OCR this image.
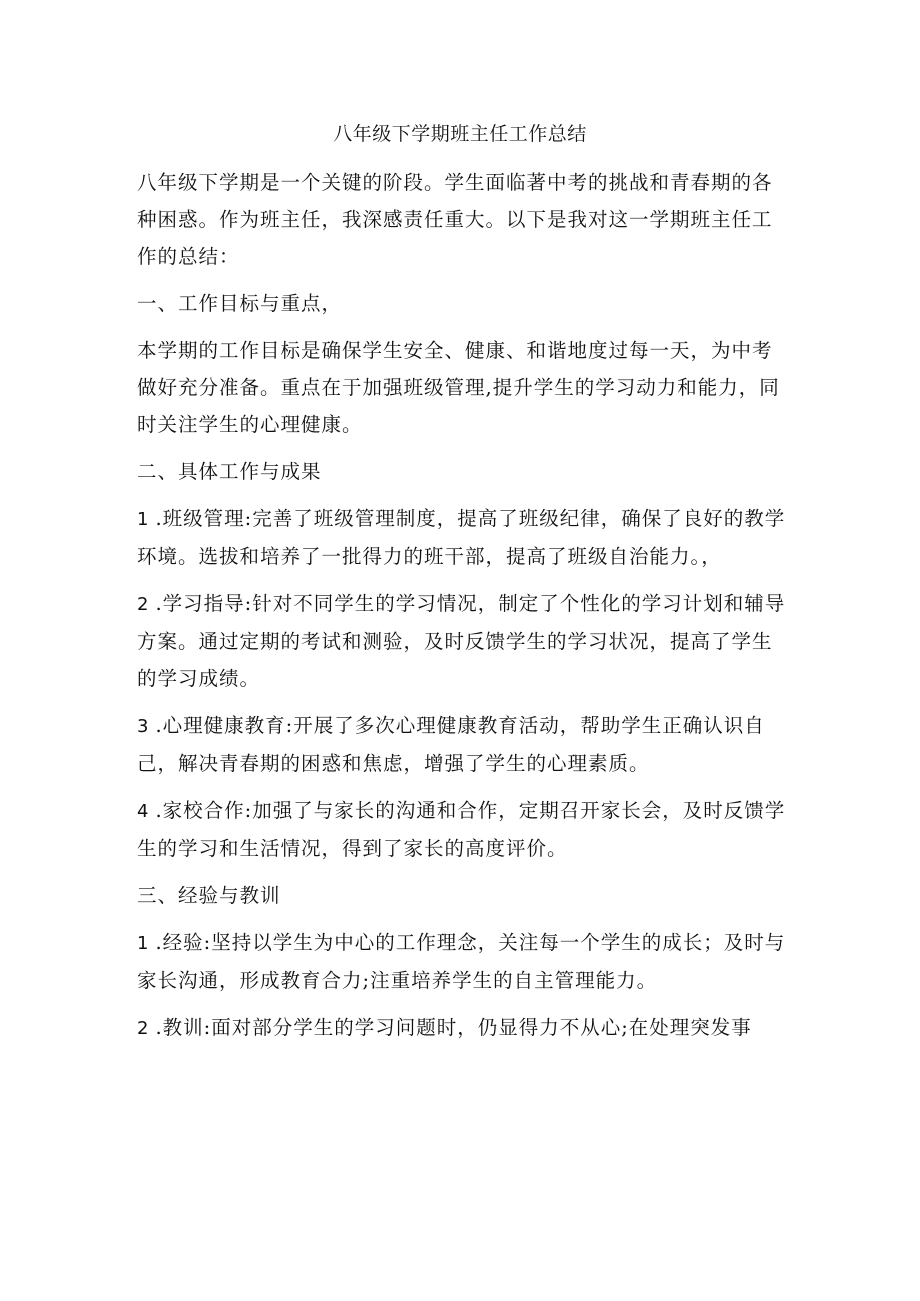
八年级下学期班主任工作总结

八年级下学期是一个关键的阶段。学生面临著中考的挑战和青春期的各种困惑。作为班主任，我深感责任重大。以下是我对这一学期班主任工作的总结：

一、工作目标与重点，

本学期的工作目标是确保学生安全、健康、和谐地度过每一天，为中考做好充分准备。重点在于加强班级管理,提升学生的学习动力和能力，同时关注学生的心理健康。

二、具体工作与成果

1 .班级管理:完善了班级管理制度，提高了班级纪律，确保了良好的教学环境。选拔和培养了一批得力的班干部，提高了班级自治能力。，

2 .学习指导:针对不同学生的学习情况，制定了个性化的学习计划和辅导方案。通过定期的考试和测验，及时反馈学生的学习状况，提高了学生的学习成绩。

3 .心理健康教育:开展了多次心理健康教育活动，帮助学生正确认识自己，解决青春期的困惑和焦虑，增强了学生的心理素质。

4 .家校合作:加强了与家长的沟通和合作，定期召开家长会，及时反馈学生的学习和生活情况，得到了家长的高度评价。

三、经验与教训

1 .经验:坚持以学生为中心的工作理念，关注每一个学生的成长；及时与家长沟通，形成教育合力;注重培养学生的自主管理能力。

2 .教训:面对部分学生的学习问题时，仍显得力不从心;在处理突发事
